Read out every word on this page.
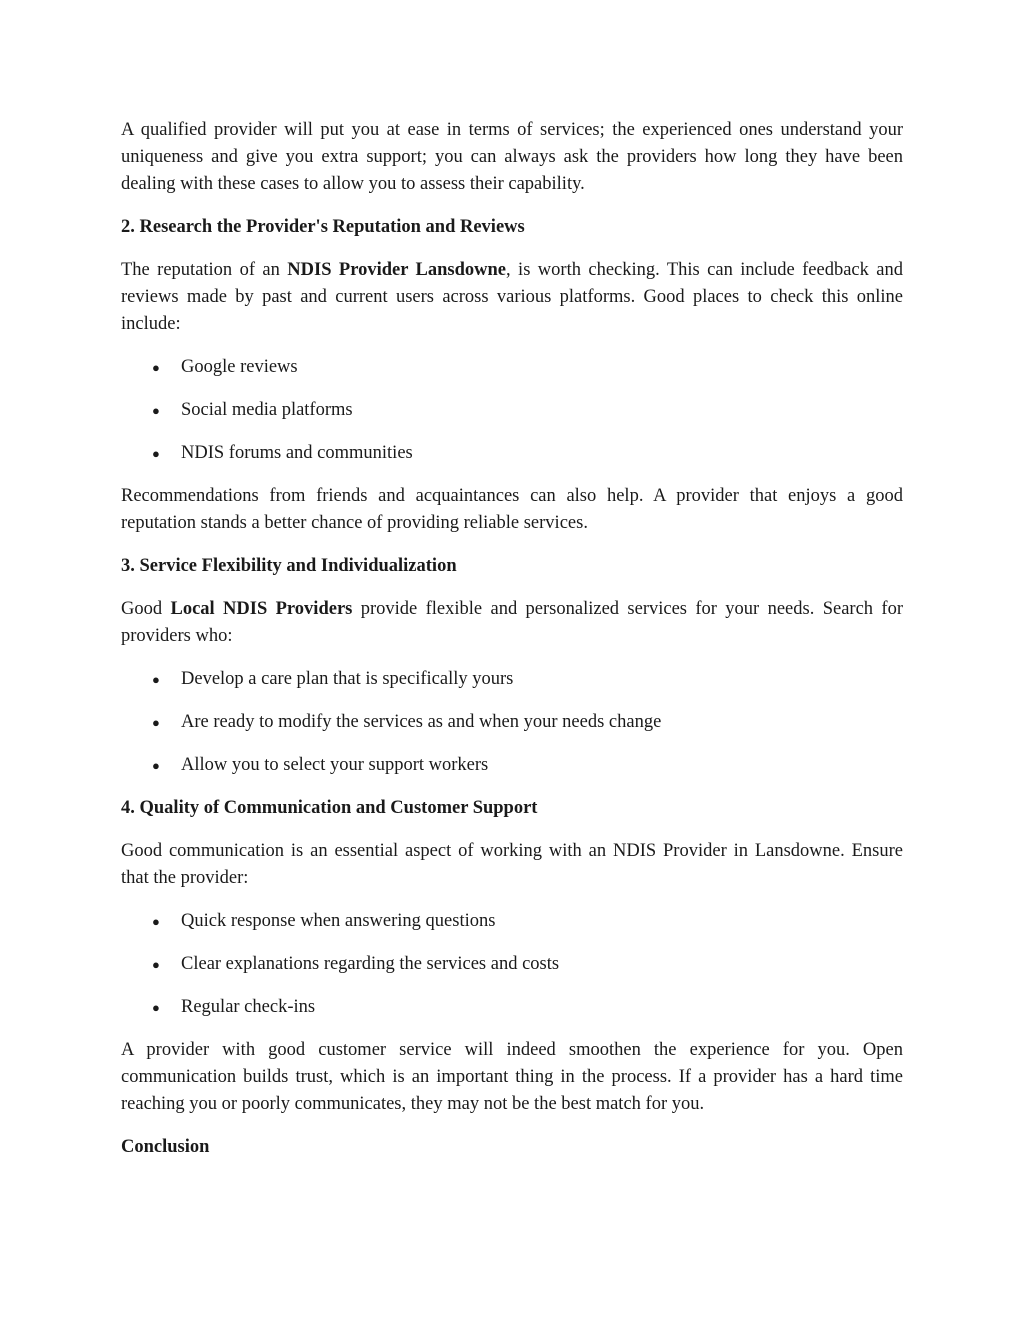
A qualified provider will put you at ease in terms of services; the experienced ones understand your uniqueness and give you extra support; you can always ask the providers how long they have been dealing with these cases to allow you to assess their capability.

2. Research the Provider's Reputation and Reviews

The reputation of an NDIS Provider Lansdowne, is worth checking. This can include feedback and reviews made by past and current users across various platforms. Good places to check this online include:

● Google reviews
● Social media platforms
● NDIS forums and communities

Recommendations from friends and acquaintances can also help. A provider that enjoys a good reputation stands a better chance of providing reliable services.

3. Service Flexibility and Individualization

Good Local NDIS Providers provide flexible and personalized services for your needs. Search for providers who:

● Develop a care plan that is specifically yours
● Are ready to modify the services as and when your needs change
● Allow you to select your support workers
4. Quality of Communication and Customer Support

Good communication is an essential aspect of working with an NDIS Provider in Lansdowne. Ensure that the provider:

● Quick response when answering questions
● Clear explanations regarding the services and costs
● Regular check-ins

A provider with good customer service will indeed smoothen the experience for you. Open communication builds trust, which is an important thing in the process. If a provider has a hard time reaching you or poorly communicates, they may not be the best match for you.

Conclusion
